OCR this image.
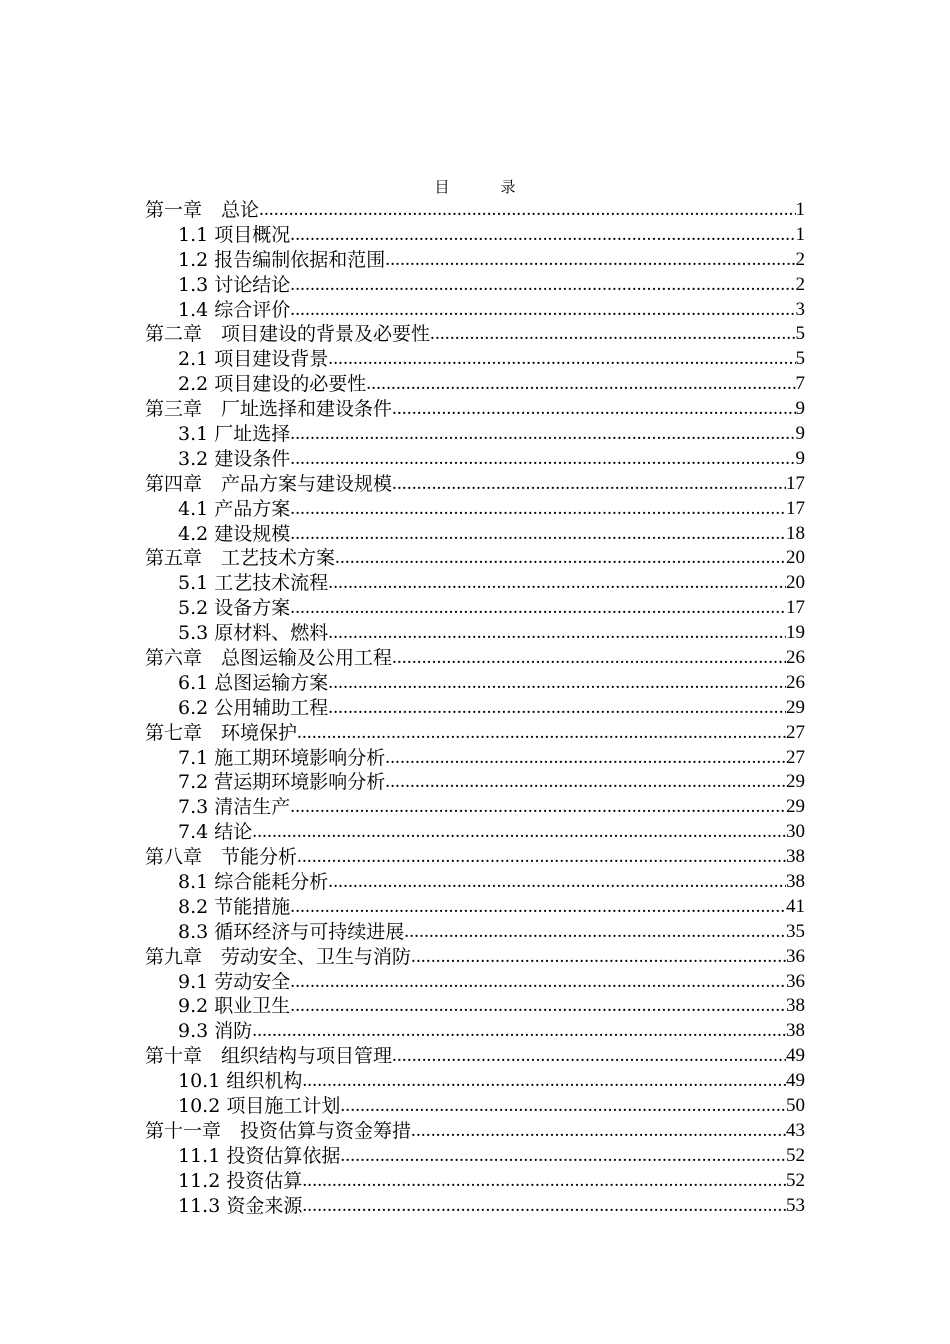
目　录
第一章　总论 .....	1
1.1 项目概况 .....	1
1.2 报告编制依据和范围 .....	2
1.3 讨论结论 .....	2
1.4 综合评价 .....	3
第二章　项目建设的背景及必要性 .....	5
2.1 项目建设背景 .....	5
2.2 项目建设的必要性 .....	7
第三章　厂址选择和建设条件 .....	9
3.1 厂址选择 .....	9
3.2 建设条件 .....	9
第四章　产品方案与建设规模 .....	17
4.1 产品方案 .....	17
4.2 建设规模 .....	18
第五章　工艺技术方案 .....	20
5.1 工艺技术流程 .....	20
5.2 设备方案 .....	17
5.3 原材料、燃料 .....	19
第六章　总图运输及公用工程 .....	26
6.1 总图运输方案 .....	26
6.2 公用辅助工程 .....	29
第七章　环境保护 .....	27
7.1 施工期环境影响分析 .....	27
7.2 营运期环境影响分析 .....	29
7.3 清洁生产 .....	29
7.4 结论 .....	30
第八章　节能分析 .....	38
8.1 综合能耗分析 .....	38
8.2 节能措施 .....	41
8.3 循环经济与可持续进展 .....	35
第九章　劳动安全、卫生与消防 .....	36
9.1 劳动安全 .....	36
9.2 职业卫生 .....	38
9.3 消防 .....	38
第十章　组织结构与项目管理 .....	49
10.1 组织机构 .....	49
10.2 项目施工计划 .....	50
第十一章　投资估算与资金筹措 .....	43
11.1 投资估算依据 .....	52
11.2 投资估算 .....	52
11.3 资金来源 .....	53
